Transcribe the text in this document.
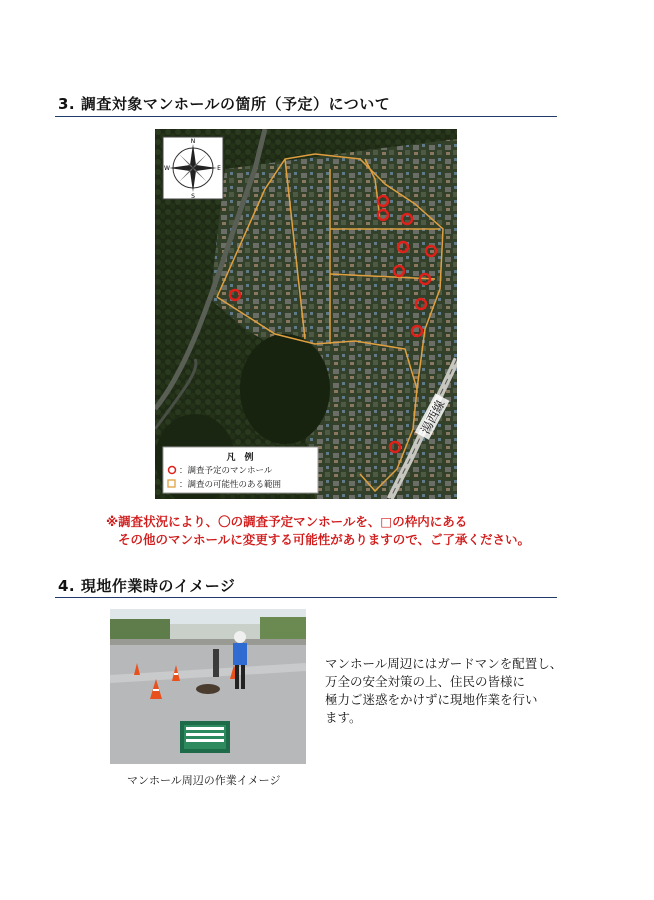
3. 調査対象マンホールの箇所（予定）について
N
S
W	E
湯西線
凡　例
：調査予定のマンホール
：調査の可能性のある範囲
※調査状況により、〇の調査予定マンホールを、□の枠内にある
その他のマンホールに変更する可能性がありますので、ご了承ください。
4. 現地作業時のイメージ
マンホール周辺の作業イメージ
マンホール周辺にはガードマンを配置し、
万全の安全対策の上、住民の皆様に
極力ご迷惑をかけずに現地作業を行い
ます。
